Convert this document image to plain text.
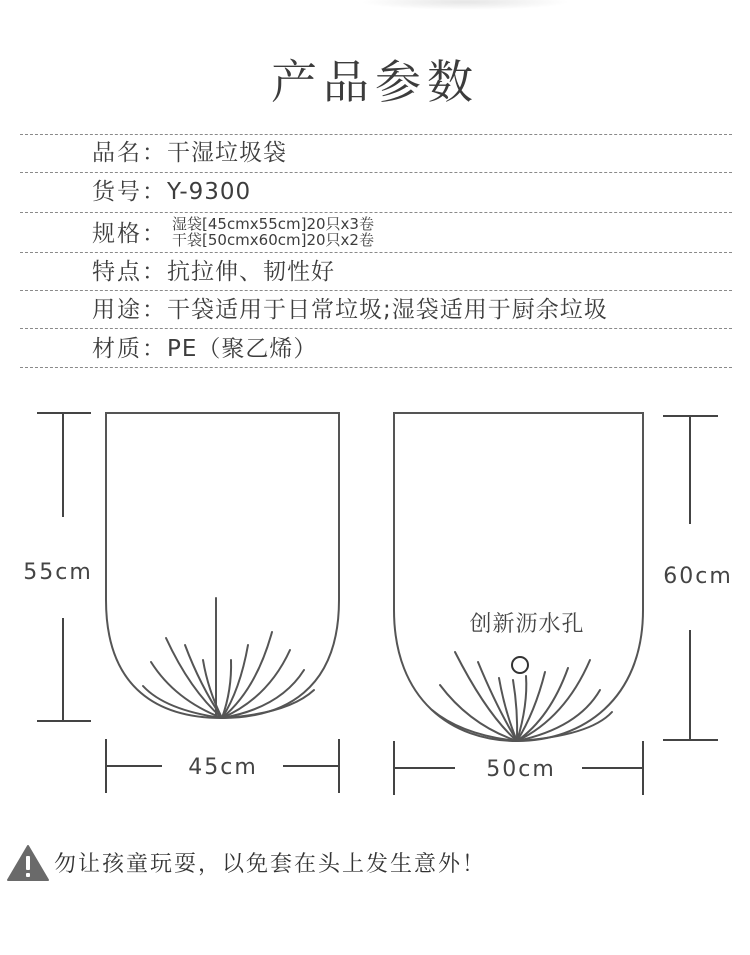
产品参数
品名：干湿垃圾袋
货号：Y-9300
规格： 湿袋[45cmx55cm]20只x3卷
干袋[50cmx60cm]20只x2卷
特点：抗拉伸、韧性好
用途：干袋适用于日常垃圾;湿袋适用于厨余垃圾
材质：PE（聚乙烯）
55cm
45cm
创新沥水孔
60cm
50cm
勿让孩童玩耍，以免套在头上发生意外！
